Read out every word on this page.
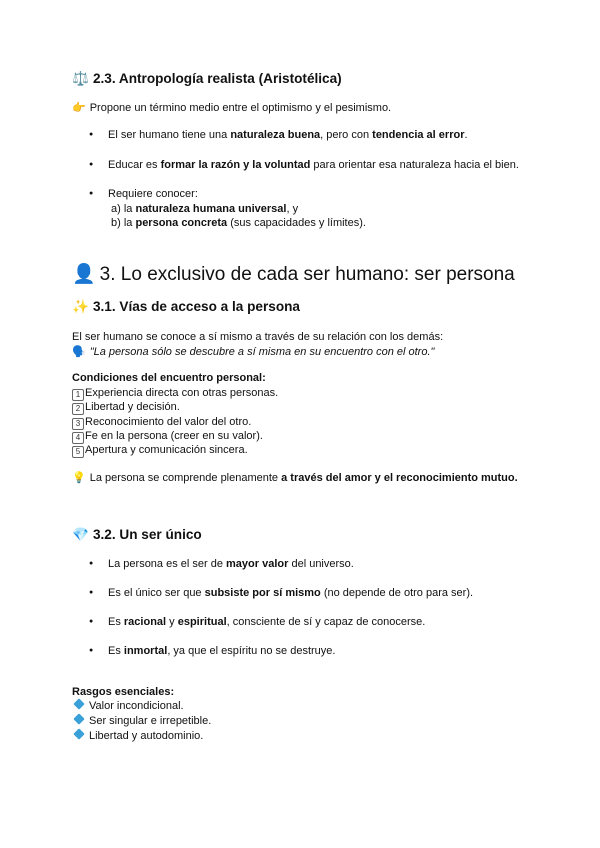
⚖️ 2.3. Antropología realista (Aristotélica)
👉 Propone un término medio entre el optimismo y el pesimismo.
● El ser humano tiene una naturaleza buena, pero con tendencia al error.
● Educar es formar la razón y la voluntad para orientar esa naturaleza hacia el bien.
● Requiere conocer:
a) la naturaleza humana universal, y
b) la persona concreta (sus capacidades y límites).
👤 3. Lo exclusivo de cada ser humano: ser persona
✨ 3.1. Vías de acceso a la persona
El ser humano se conoce a sí mismo a través de su relación con los demás:
🗣️ "La persona sólo se descubre a sí misma en su encuentro con el otro."
Condiciones del encuentro personal:
1 Experiencia directa con otras personas.
2 Libertad y decisión.
3 Reconocimiento del valor del otro.
4 Fe en la persona (creer en su valor).
5 Apertura y comunicación sincera.
💡 La persona se comprende plenamente a través del amor y el reconocimiento mutuo.
💎 3.2. Un ser único
● La persona es el ser de mayor valor del universo.
● Es el único ser que subsiste por sí mismo (no depende de otro para ser).
● Es racional y espiritual, consciente de sí y capaz de conocerse.
● Es inmortal, ya que el espíritu no se destruye.
Rasgos esenciales:
Valor incondicional.
Ser singular e irrepetible.
Libertad y autodominio.
